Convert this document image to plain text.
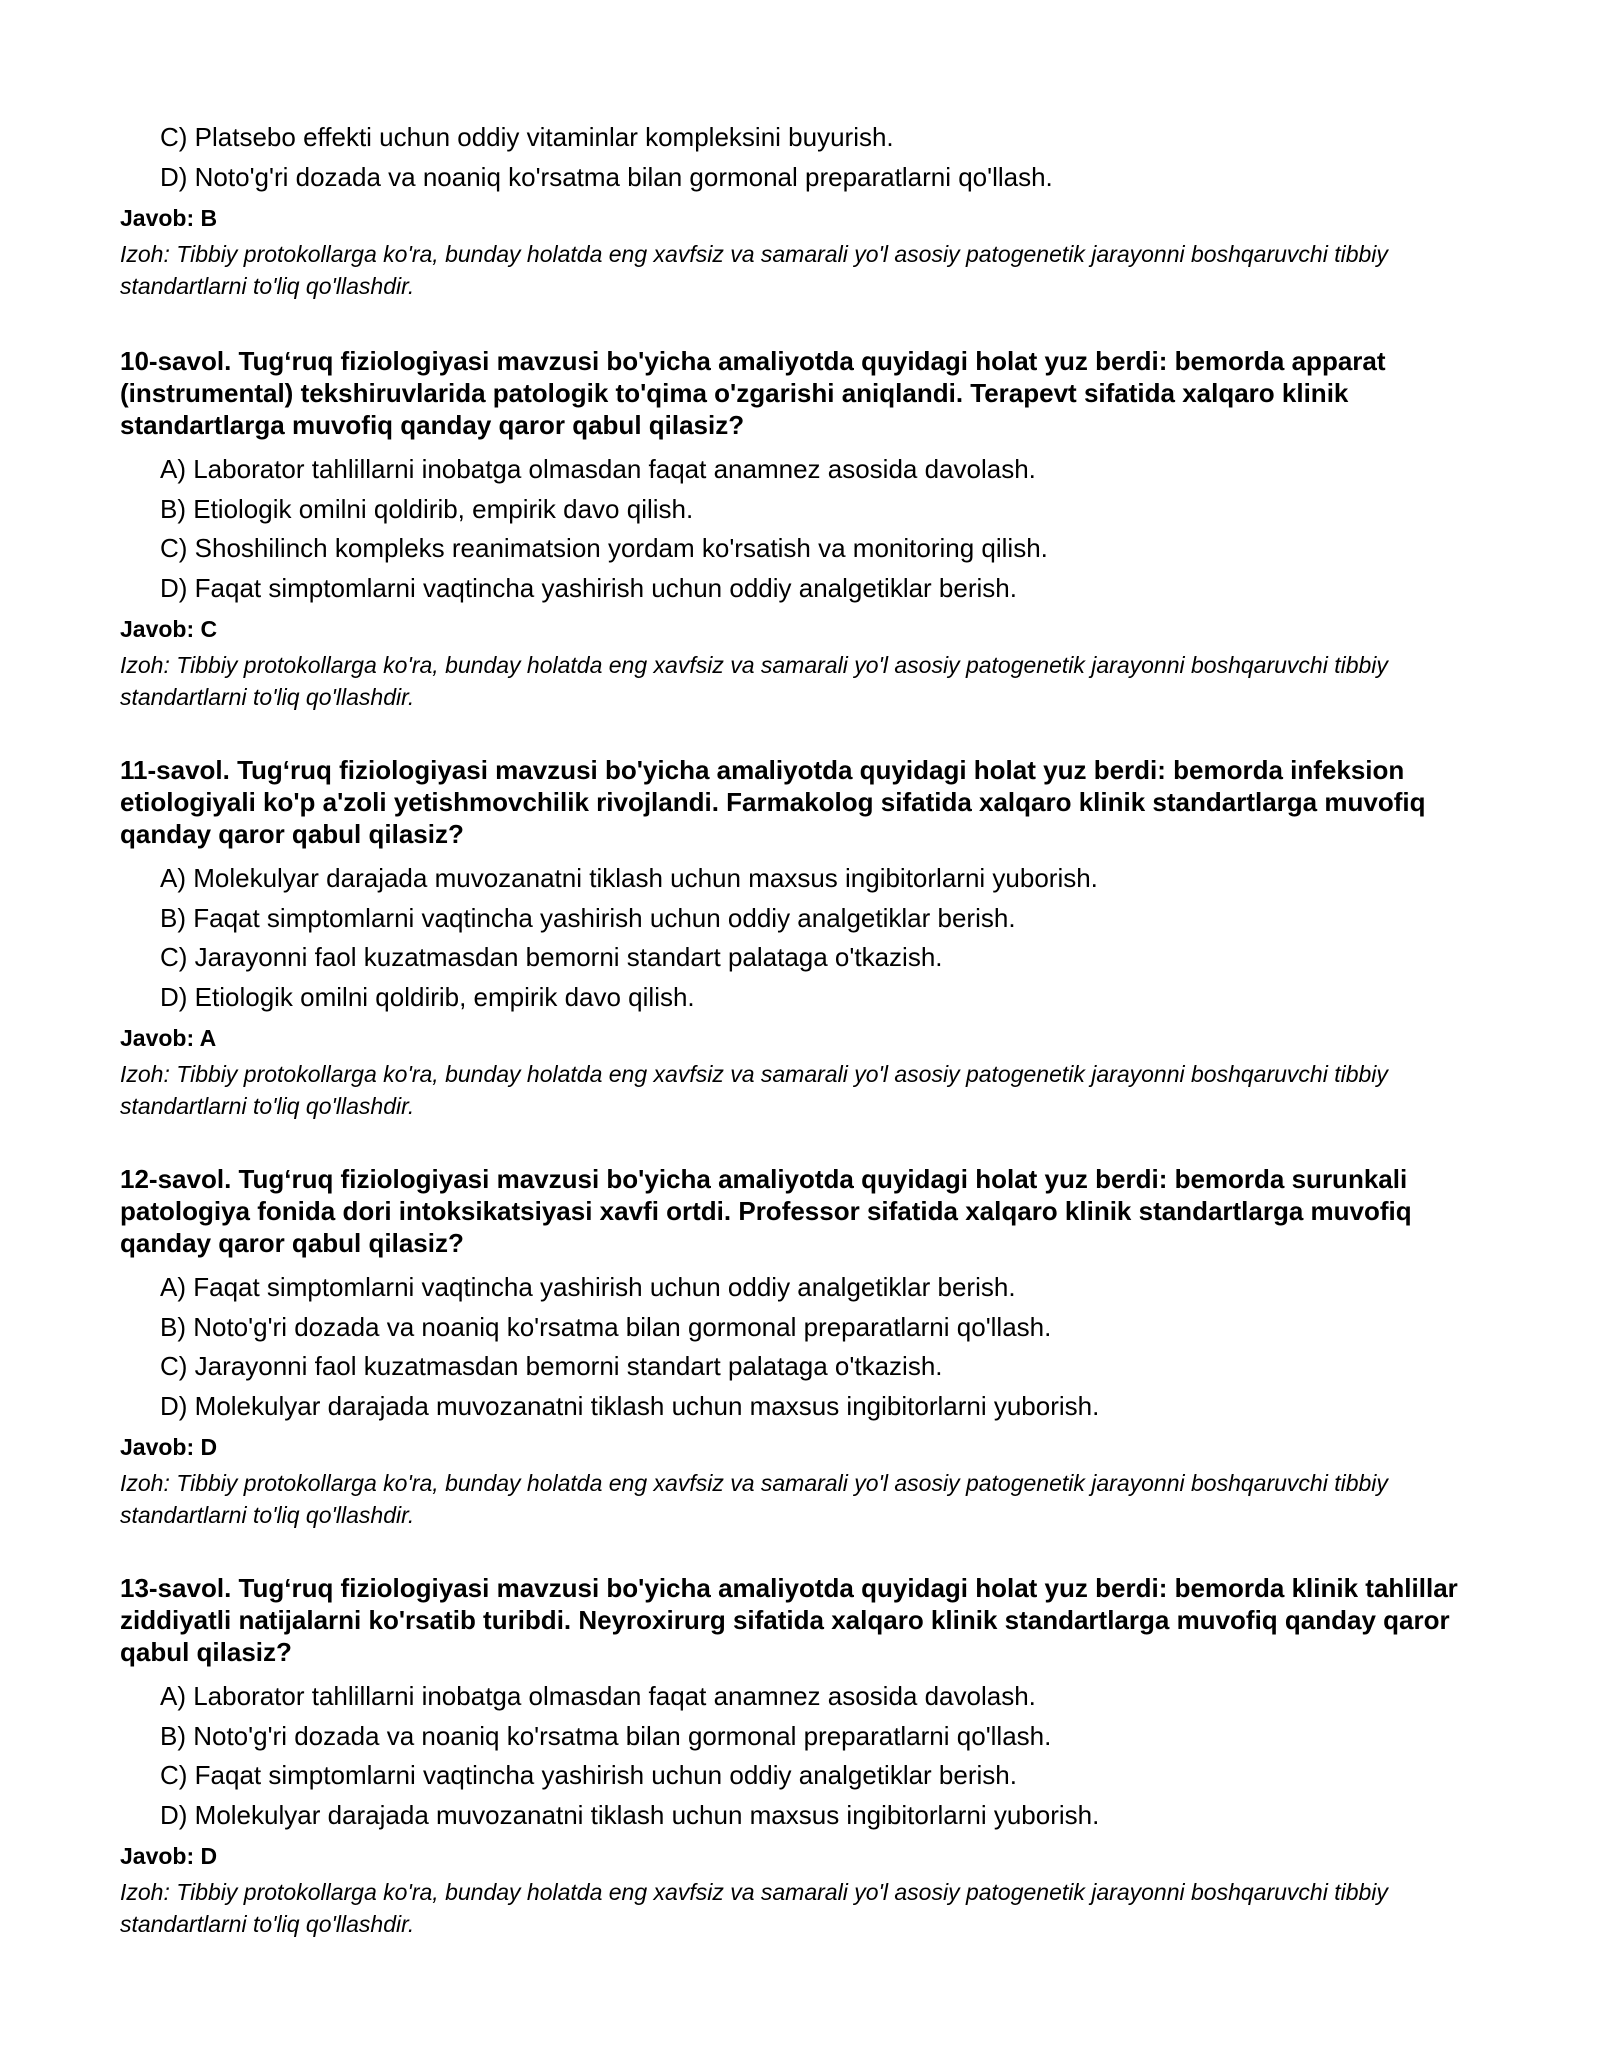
C) Platsebo effekti uchun oddiy vitaminlar kompleksini buyurish.

D) Noto'g'ri dozada va noaniq ko'rsatma bilan gormonal preparatlarni qo'llash.

Javob: B

Izoh: Tibbiy protokollarga ko'ra, bunday holatda eng xavfsiz va samarali yo'l asosiy patogenetik jarayonni boshqaruvchi tibbiy standartlarni to'liq qo'llashdir.

10-savol. Tug‘ruq fiziologiyasi mavzusi bo'yicha amaliyotda quyidagi holat yuz berdi: bemorda apparat (instrumental) tekshiruvlarida patologik to'qima o'zgarishi aniqlandi. Terapevt sifatida xalqaro klinik standartlarga muvofiq qanday qaror qabul qilasiz?

A) Laborator tahlillarni inobatga olmasdan faqat anamnez asosida davolash.

B) Etiologik omilni qoldirib, empirik davo qilish.

C) Shoshilinch kompleks reanimatsion yordam ko'rsatish va monitoring qilish.

D) Faqat simptomlarni vaqtincha yashirish uchun oddiy analgetiklar berish.

Javob: C

Izoh: Tibbiy protokollarga ko'ra, bunday holatda eng xavfsiz va samarali yo'l asosiy patogenetik jarayonni boshqaruvchi tibbiy standartlarni to'liq qo'llashdir.

11-savol. Tug‘ruq fiziologiyasi mavzusi bo'yicha amaliyotda quyidagi holat yuz berdi: bemorda infeksion etiologiyali ko'p a'zoli yetishmovchilik rivojlandi. Farmakolog sifatida xalqaro klinik standartlarga muvofiq qanday qaror qabul qilasiz?

A) Molekulyar darajada muvozanatni tiklash uchun maxsus ingibitorlarni yuborish.

B) Faqat simptomlarni vaqtincha yashirish uchun oddiy analgetiklar berish.

C) Jarayonni faol kuzatmasdan bemorni standart palataga o'tkazish.

D) Etiologik omilni qoldirib, empirik davo qilish.

Javob: A

Izoh: Tibbiy protokollarga ko'ra, bunday holatda eng xavfsiz va samarali yo'l asosiy patogenetik jarayonni boshqaruvchi tibbiy standartlarni to'liq qo'llashdir.

12-savol. Tug‘ruq fiziologiyasi mavzusi bo'yicha amaliyotda quyidagi holat yuz berdi: bemorda surunkali patologiya fonida dori intoksikatsiyasi xavfi ortdi. Professor sifatida xalqaro klinik standartlarga muvofiq qanday qaror qabul qilasiz?

A) Faqat simptomlarni vaqtincha yashirish uchun oddiy analgetiklar berish.

B) Noto'g'ri dozada va noaniq ko'rsatma bilan gormonal preparatlarni qo'llash.

C) Jarayonni faol kuzatmasdan bemorni standart palataga o'tkazish.

D) Molekulyar darajada muvozanatni tiklash uchun maxsus ingibitorlarni yuborish.

Javob: D

Izoh: Tibbiy protokollarga ko'ra, bunday holatda eng xavfsiz va samarali yo'l asosiy patogenetik jarayonni boshqaruvchi tibbiy standartlarni to'liq qo'llashdir.

13-savol. Tug‘ruq fiziologiyasi mavzusi bo'yicha amaliyotda quyidagi holat yuz berdi: bemorda klinik tahlillar ziddiyatli natijalarni ko'rsatib turibdi. Neyroxirurg sifatida xalqaro klinik standartlarga muvofiq qanday qaror qabul qilasiz?

A) Laborator tahlillarni inobatga olmasdan faqat anamnez asosida davolash.

B) Noto'g'ri dozada va noaniq ko'rsatma bilan gormonal preparatlarni qo'llash.

C) Faqat simptomlarni vaqtincha yashirish uchun oddiy analgetiklar berish.

D) Molekulyar darajada muvozanatni tiklash uchun maxsus ingibitorlarni yuborish.

Javob: D

Izoh: Tibbiy protokollarga ko'ra, bunday holatda eng xavfsiz va samarali yo'l asosiy patogenetik jarayonni boshqaruvchi tibbiy standartlarni to'liq qo'llashdir.
